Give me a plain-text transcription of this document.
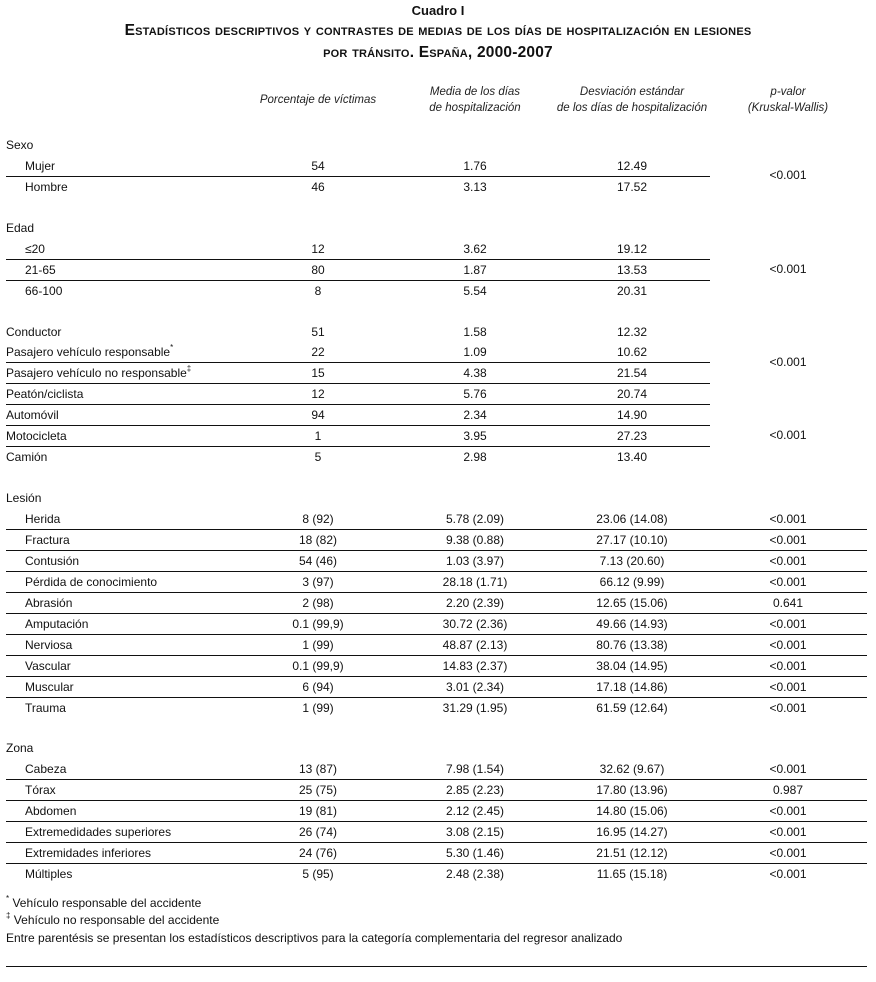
Cuadro I
Estadísticos descriptivos y contrastes de medias de los días de hospitalización en lesiones
por tránsito. España, 2000-2007
Porcentaje de víctimas
Media de los días
de hospitalización
Desviación estándar
de los días de hospitalización
p-valor
(Kruskal-Wallis)
Sexo
Mujer	54	1.76	12.49
Hombre	46	3.13	17.52
<0.001
Edad
≤20	12	3.62	19.12
21-65	80	1.87	13.53
66-100	8	5.54	20.31
<0.001
Conductor	51	1.58	12.32
Pasajero vehículo responsable*	22	1.09	10.62
Pasajero vehículo no responsable‡	15	4.38	21.54
Peatón/ciclista	12	5.76	20.74
<0.001
Automóvil	94	2.34	14.90
Motocicleta	1	3.95	27.23
Camión	5	2.98	13.40
<0.001
Lesión
Herida	8 (92)	5.78 (2.09)	23.06 (14.08)	<0.001
Fractura	18 (82)	9.38 (0.88)	27.17 (10.10)	<0.001
Contusión	54 (46)	1.03 (3.97)	7.13 (20.60)	<0.001
Pérdida de conocimiento	3 (97)	28.18 (1.71)	66.12 (9.99)	<0.001
Abrasión	2 (98)	2.20 (2.39)	12.65 (15.06)	0.641
Amputación	0.1 (99,9)	30.72 (2.36)	49.66 (14.93)	<0.001
Nerviosa	1 (99)	48.87 (2.13)	80.76 (13.38)	<0.001
Vascular	0.1 (99,9)	14.83 (2.37)	38.04 (14.95)	<0.001
Muscular	6 (94)	3.01 (2.34)	17.18 (14.86)	<0.001
Trauma	1 (99)	31.29 (1.95)	61.59 (12.64)	<0.001
Zona
Cabeza	13 (87)	7.98 (1.54)	32.62 (9.67)	<0.001
Tórax	25 (75)	2.85 (2.23)	17.80 (13.96)	0.987
Abdomen	19 (81)	2.12 (2.45)	14.80 (15.06)	<0.001
Extremedidades superiores	26 (74)	3.08 (2.15)	16.95 (14.27)	<0.001
Extremidades inferiores	24 (76)	5.30 (1.46)	21.51 (12.12)	<0.001
Múltiples	5 (95)	2.48 (2.38)	11.65 (15.18)	<0.001
* Vehículo responsable del accidente
‡ Vehículo no responsable del accidente
Entre parentésis se presentan los estadísticos descriptivos para la categoría complementaria del regresor analizado
